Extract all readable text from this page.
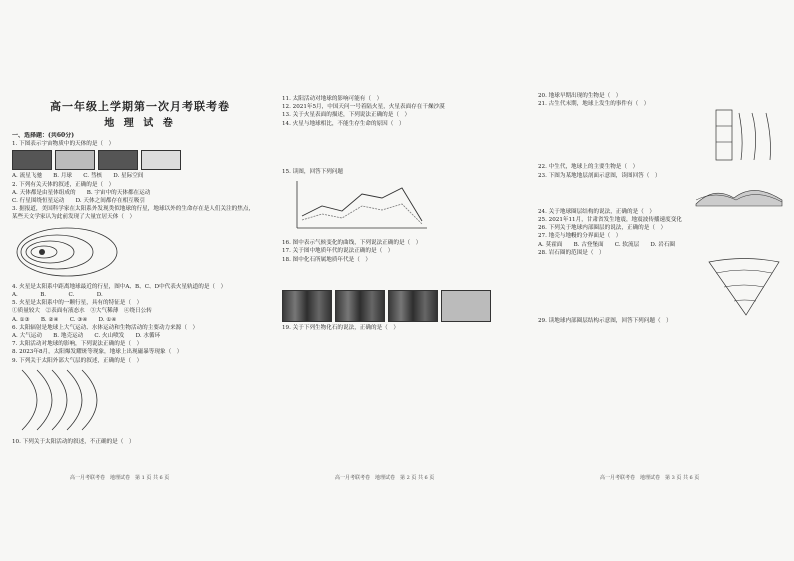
高一年级上学期第一次月考联考卷
地 理 试 卷
一、选择题：(共60分)
1. 下图表示宇宙物质中的天体的是（　）
A. 流星飞驰　　B. 月球　　C. 彗核　　D. 星际空间
2. 下列有关天体的叙述，正确的是（　）
A. 天体都是由星体组成的　　B. 宇宙中的天体都在运动
C. 行星围绕恒星运动　　D. 天体之间都存在相互吸引
3. 据报道，美国科学家在太阳系外发现类似地球的行星，地球以外的生命存在是人们关注的焦点，某些天文学家认为此前发现了大量宜居天体（　）
4. 火星是太阳系中距离地球最近的行星，图中A、B、C、D中代表火星轨道的是（　）
A.　　　　B.　　　　C.　　　　D.
5. 火星是太阳系中的一颗行星，具有的特征是（　）
①质量较大　②表面有液态水　③大气稀薄　④绕日公转
A. ①③　　B. ②④　　C. ③④　　D. ①④
6. 太阳辐射是地球上大气运动、水体运动和生物活动的主要动力来源（　）
A. 大气运动　　B. 地壳运动　　C. 火山喷发　　D. 水循环
7. 太阳活动对地球的影响，下列说法正确的是（　）
8. 2023年8月，太阳爆发耀斑等现象，地球上出现磁暴等现象（　）
9. 下列关于太阳外部大气层的叙述，正确的是（　）
10. 下列关于太阳活动的叙述，不正确的是（　）
11. 太阳活动对地球的影响可能有（　）
12. 2021年5月，中国天问一号着陆火星，火星表面存在干燥沙漠
13. 关于火星表面的描述，下列说法正确的是（　）
14. 火星与地球相比，不能生存生命的原因（　）
15. 读图，回答下列问题
16. 图中表示气候变化的曲线，下列说法正确的是（　）
17. 关于图中地质年代的说法正确的是（　）
18. 图中化石所属地质年代是（　）
19. 关于下列生物化石的说法，正确的是（　）
20. 地球早期出现的生物是（　）
21. 古生代末期，地球上发生的事件有（　）
22. 中生代，地球上的主要生物是（　）
23. 下图为某地地层剖面示意图，读图回答（　）
24. 关于地球圈层结构的说法，正确的是（　）
25. 2021年11月，甘肃省发生地震，地震波传播速度变化
26. 下列关于地球内部圈层的说法，正确的是（　）
27. 地壳与地幔的分界面是（　）
A. 莫霍面　　B. 古登堡面　　C. 软流层　　D. 岩石圈
28. 岩石圈的范围是（　）
29. 读地球内部圈层结构示意图，回答下列问题（　）
高一月考联考卷　地理试卷　第 1 页 共 6 页	高一月考联考卷　地理试卷　第 2 页 共 6 页	高一月考联考卷　地理试卷　第 3 页 共 6 页
